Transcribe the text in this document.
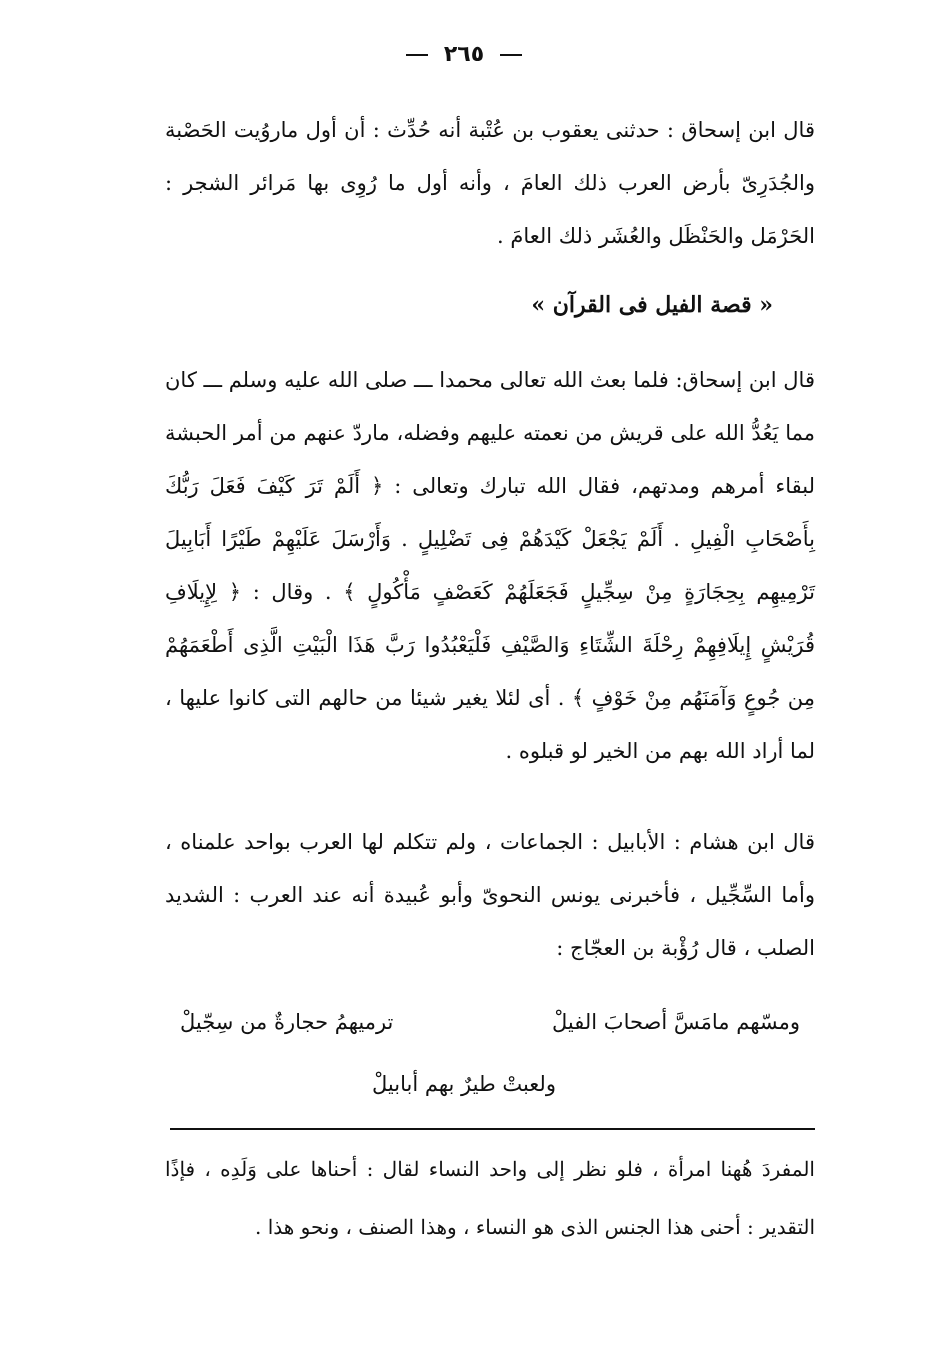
٢٦٥

قال ابن إسحاق : حدثنى يعقوب بن عُتْبة أنه حُدِّث : أن أول ماروُيت الحَصْبة والجُدَرِىّ بأرض العرب ذلك العامَ ، وأنه أول ما رُوِى بها مَرائر الشجر : الحَرْمَل والحَنْظَل والعُشَر ذلك العامَ .

« قصة الفيل فى القرآن »

قال ابن إسحاق: فلما بعث الله تعالى محمدا ـــ صلى الله عليه وسلم ـــ كان مما يَعُدُّ الله على قريش من نعمته عليهم وفضله، ماردّ عنهم من أمر الحبشة لبقاء أمرهم ومدتهم، فقال الله تبارك وتعالى : ﴿ أَلَمْ تَرَ كَيْفَ فَعَلَ رَبُّكَ بِأَصْحَابِ الْفِيلِ . أَلَمْ يَجْعَلْ كَيْدَهُمْ فِى تَضْلِيلٍ . وَأَرْسَلَ عَلَيْهِمْ طَيْرًا أَبَابِيلَ تَرْمِيهِم بِحِجَارَةٍ مِنْ سِجِّيلٍ فَجَعَلَهُمْ كَعَصْفٍ مَأْكُولٍ ﴾ . وقال : ﴿ لِإِيلَافِ قُرَيْشٍ إِيلَافِهِمْ رِحْلَةَ الشِّتَاءِ وَالصَّيْفِ فَلْيَعْبُدُوا رَبَّ هَذَا الْبَيْتِ الَّذِى أَطْعَمَهُمْ مِن جُوعٍ وَآمَنَهُم مِنْ خَوْفٍ ﴾ . أى لئلا يغير شيئا من حالهم التى كانوا عليها ، لما أراد الله بهم من الخير لو قبلوه .

قال ابن هشام : الأبابيل : الجماعات ، ولم تتكلم لها العرب بواحد علمناه ، وأما السِّجِّيل ، فأخبرنى يونس النحوىّ وأبو عُبيدة أنه عند العرب : الشديد الصلب ، قال رُؤْبة بن العجّاج :

ومسّهم مامَسَّ أصحابَ الفيلْ
ترميهمُ حجارةٌ من سِجّيلْ
ولعبتْ طيرٌ بهم أبابيلْ

المفردَ هُهنا امرأة ، فلو نظر إلى واحد النساء لقال : أحناها على وَلَدِه ، فإذًا التقدير : أحنى هذا الجنس الذى هو النساء ، وهذا الصنف ، ونحو هذا .
